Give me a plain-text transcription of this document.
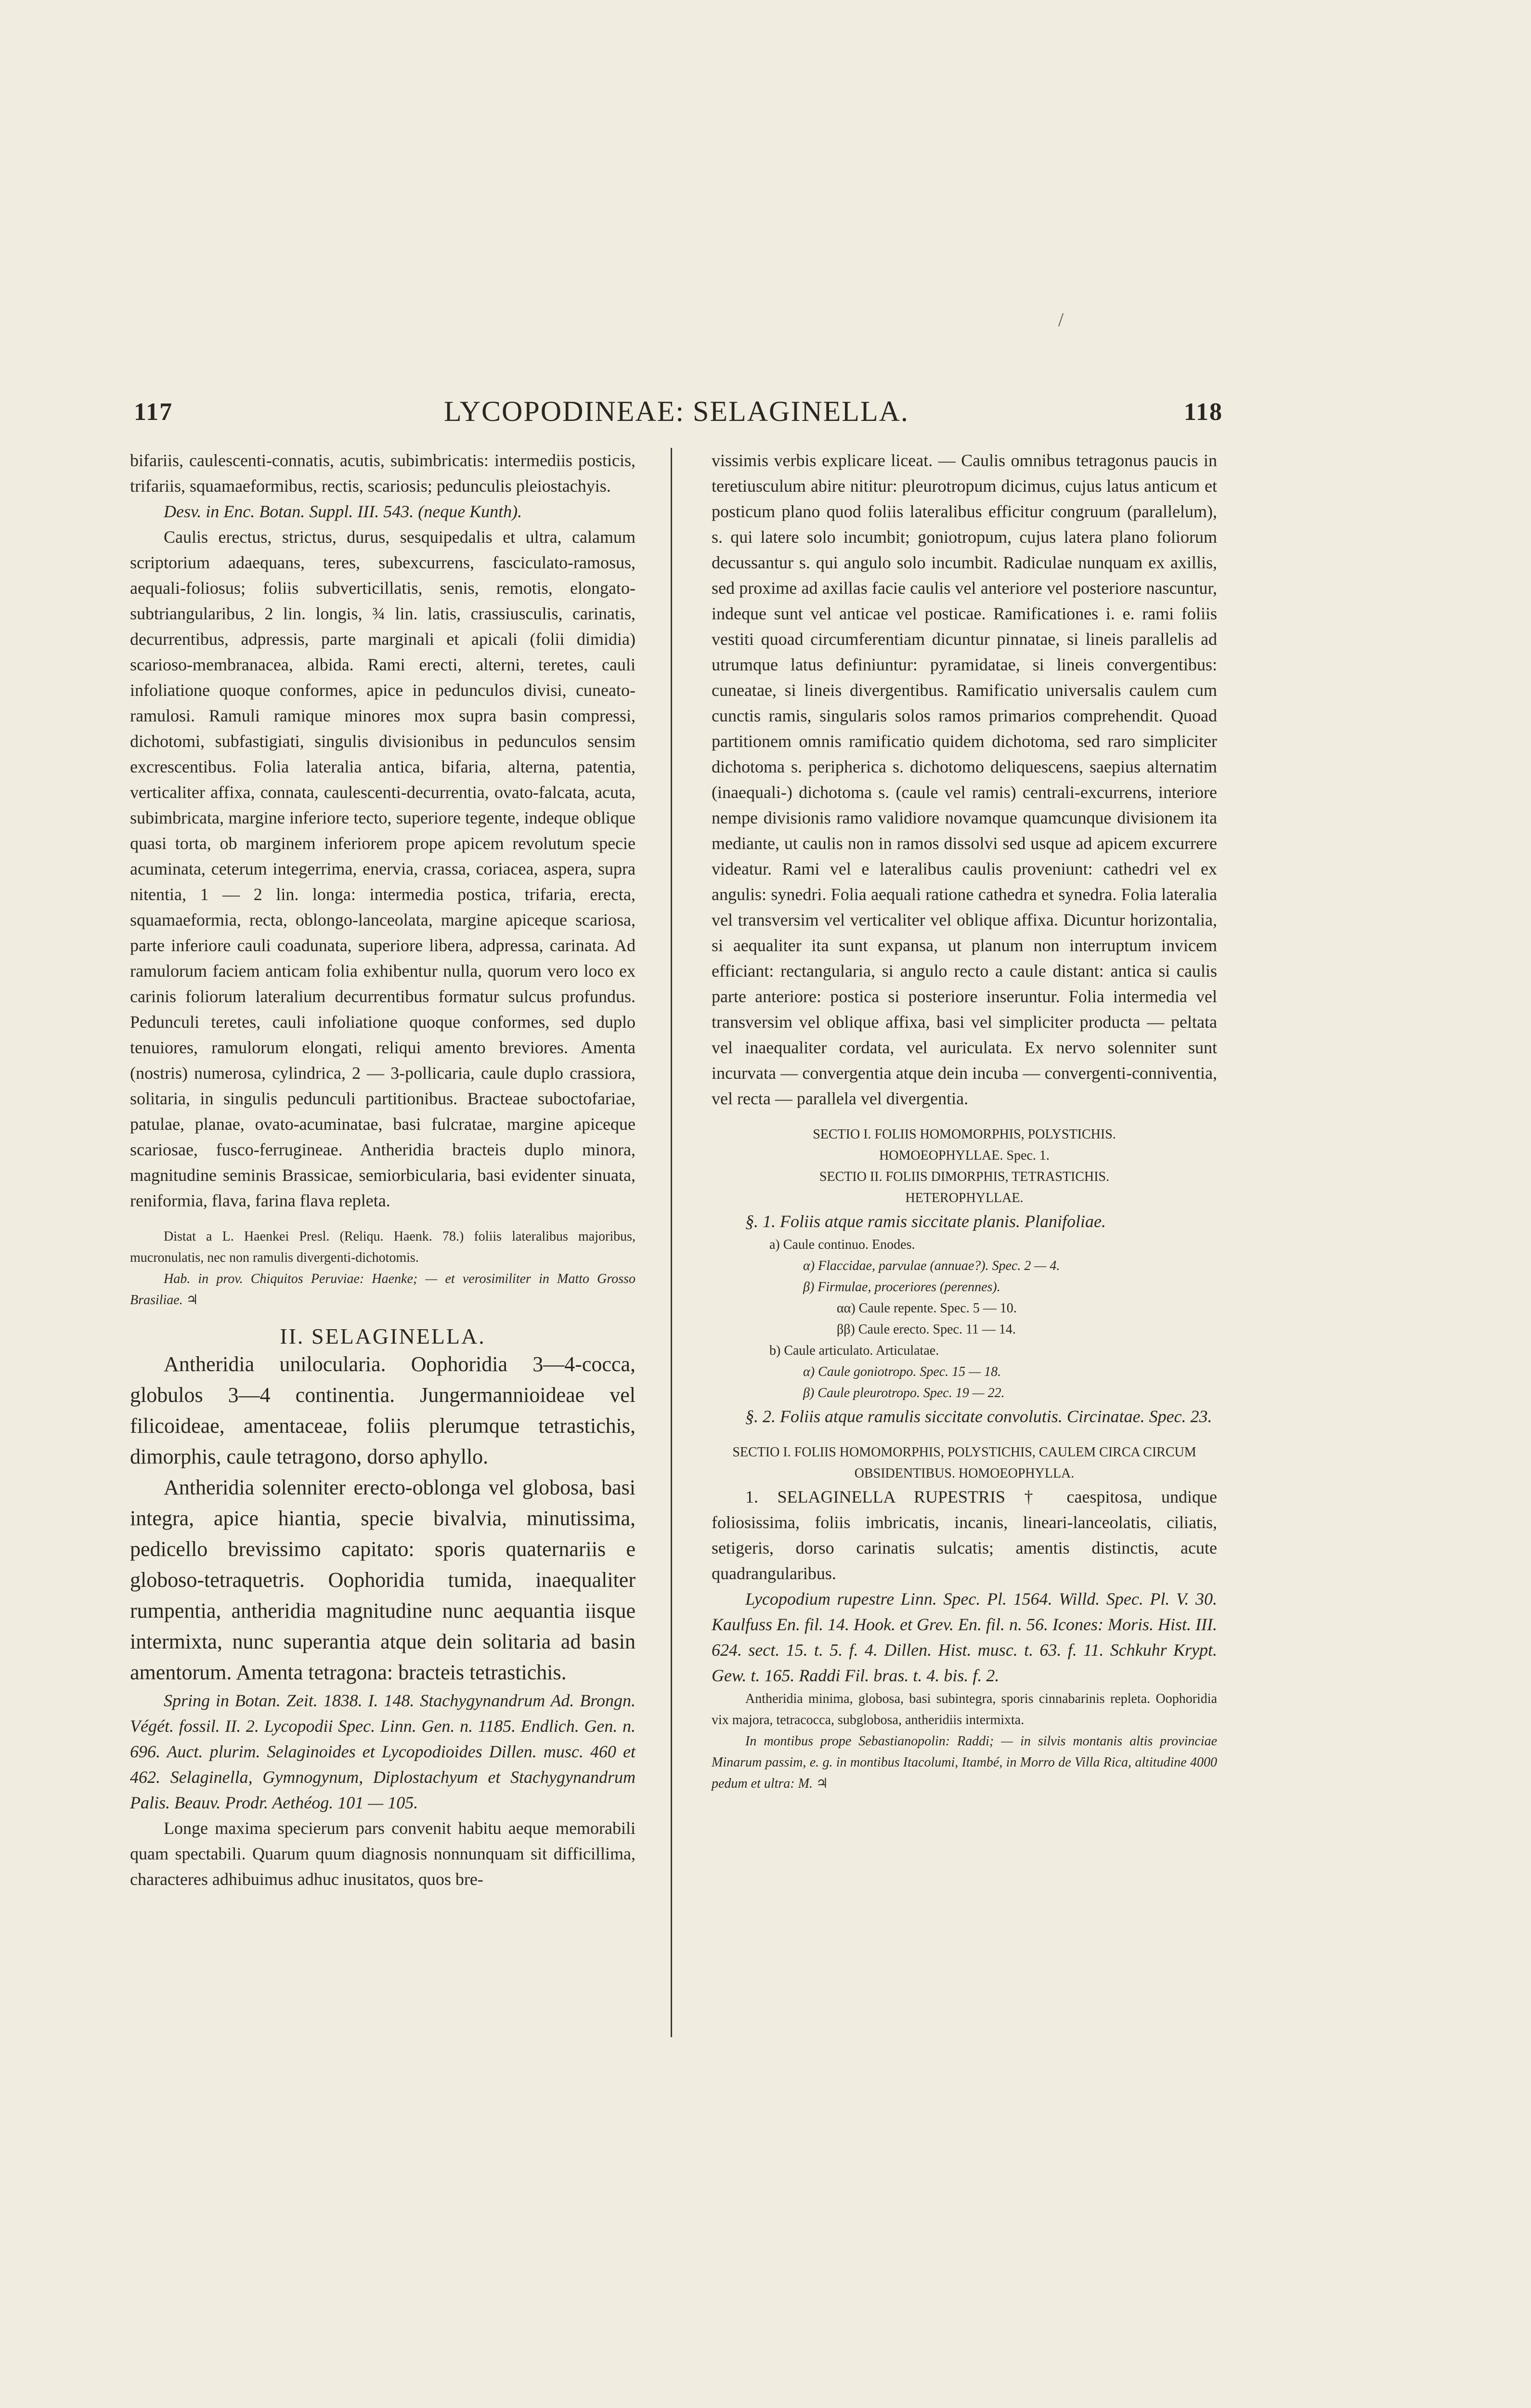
/
117	LYCOPODINEAE: SELAGINELLA.	118

bifariis, caulescenti-connatis, acutis, subimbricatis: intermediis posticis, trifariis, squamaeformibus, rectis, scariosis; pedunculis pleiostachyis.

Desv. in Enc. Botan. Suppl. III. 543. (neque Kunth).

Caulis erectus, strictus, durus, sesquipedalis et ultra, calamum scriptorium adaequans, teres, subexcurrens, fasciculato-ramosus, aequali-foliosus; foliis subverticillatis, senis, remotis, elongato-subtriangularibus, 2 lin. longis, ¾ lin. latis, crassiusculis, carinatis, decurrentibus, adpressis, parte marginali et apicali (folii dimidia) scarioso-membranacea, albida. Rami erecti, alterni, teretes, cauli infoliatione quoque conformes, apice in pedunculos divisi, cuneato-ramulosi. Ramuli ramique minores mox supra basin compressi, dichotomi, subfastigiati, singulis divisionibus in pedunculos sensim excrescentibus. Folia lateralia antica, bifaria, alterna, patentia, verticaliter affixa, connata, caulescenti-decurrentia, ovato-falcata, acuta, subimbricata, margine inferiore tecto, superiore tegente, indeque oblique quasi torta, ob marginem inferiorem prope apicem revolutum specie acuminata, ceterum integerrima, enervia, crassa, coriacea, aspera, supra nitentia, 1 — 2 lin. longa: intermedia postica, trifaria, erecta, squamaeformia, recta, oblongo-lanceolata, margine apiceque scariosa, parte inferiore cauli coadunata, superiore libera, adpressa, carinata. Ad ramulorum faciem anticam folia exhibentur nulla, quorum vero loco ex carinis foliorum lateralium decurrentibus formatur sulcus profundus. Pedunculi teretes, cauli infoliatione quoque conformes, sed duplo tenuiores, ramulorum elongati, reliqui amento breviores. Amenta (nostris) numerosa, cylindrica, 2 — 3-pollicaria, caule duplo crassiora, solitaria, in singulis pedunculi partitionibus. Bracteae suboctofariae, patulae, planae, ovato-acuminatae, basi fulcratae, margine apiceque scariosae, fusco-ferrugineae. Antheridia bracteis duplo minora, magnitudine seminis Brassicae, semiorbicularia, basi evidenter sinuata, reniformia, flava, farina flava repleta.

Distat a L. Haenkei Presl. (Reliqu. Haenk. 78.) foliis lateralibus majoribus, mucronulatis, nec non ramulis divergenti-dichotomis.

Hab. in prov. Chiquitos Peruviae: Haenke; — et verosimiliter in Matto Grosso Brasiliae. ♃

II. SELAGINELLA.

Antheridia unilocularia. Oophoridia 3—4-cocca, globulos 3—4 continentia. Jungermannioideae vel filicoideae, amentaceae, foliis plerumque tetrastichis, dimorphis, caule tetragono, dorso aphyllo.

Antheridia solenniter erecto-oblonga vel globosa, basi integra, apice hiantia, specie bivalvia, minutissima, pedicello brevissimo capitato: sporis quaternariis e globoso-tetraquetris. Oophoridia tumida, inaequaliter rumpentia, antheridia magnitudine nunc aequantia iisque intermixta, nunc superantia atque dein solitaria ad basin amentorum. Amenta tetragona: bracteis tetrastichis.

Spring in Botan. Zeit. 1838. I. 148. Stachygynandrum Ad. Brongn. Végét. fossil. II. 2. Lycopodii Spec. Linn. Gen. n. 1185. Endlich. Gen. n. 696. Auct. plurim. Selaginoides et Lycopodioides Dillen. musc. 460 et 462. Selaginella, Gymnogynum, Diplostachyum et Stachygynandrum Palis. Beauv. Prodr. Aethéog. 101 — 105.

Longe maxima specierum pars convenit habitu aeque memorabili quam spectabili. Quarum quum diagnosis nonnunquam sit difficillima, characteres adhibuimus adhuc inusitatos, quos bre-

vissimis verbis explicare liceat. — Caulis omnibus tetragonus paucis in teretiusculum abire nititur: pleurotropum dicimus, cujus latus anticum et posticum plano quod foliis lateralibus efficitur congruum (parallelum), s. qui latere solo incumbit; goniotropum, cujus latera plano foliorum decussantur s. qui angulo solo incumbit. Radiculae nunquam ex axillis, sed proxime ad axillas facie caulis vel anteriore vel posteriore nascuntur, indeque sunt vel anticae vel posticae. Ramificationes i. e. rami foliis vestiti quoad circumferentiam dicuntur pinnatae, si lineis parallelis ad utrumque latus definiuntur: pyramidatae, si lineis convergentibus: cuneatae, si lineis divergentibus. Ramificatio universalis caulem cum cunctis ramis, singularis solos ramos primarios comprehendit. Quoad partitionem omnis ramificatio quidem dichotoma, sed raro simpliciter dichotoma s. peripherica s. dichotomo deliquescens, saepius alternatim (inaequali-) dichotoma s. (caule vel ramis) centrali-excurrens, interiore nempe divisionis ramo validiore novamque quamcunque divisionem ita mediante, ut caulis non in ramos dissolvi sed usque ad apicem excurrere videatur. Rami vel e lateralibus caulis proveniunt: cathedri vel ex angulis: synedri. Folia aequali ratione cathedra et synedra. Folia lateralia vel transversim vel verticaliter vel oblique affixa. Dicuntur horizontalia, si aequaliter ita sunt expansa, ut planum non interruptum invicem efficiant: rectangularia, si angulo recto a caule distant: antica si caulis parte anteriore: postica si posteriore inseruntur. Folia intermedia vel transversim vel oblique affixa, basi vel simpliciter producta — peltata vel inaequaliter cordata, vel auriculata. Ex nervo solenniter sunt incurvata — convergentia atque dein incuba — convergenti-conniventia, vel recta — parallela vel divergentia.

SECTIO I. FOLIIS HOMOMORPHIS, POLYSTICHIS.

HOMOEOPHYLLAE. Spec. 1.

SECTIO II. FOLIIS DIMORPHIS, TETRASTICHIS.

HETEROPHYLLAE.

§. 1. Foliis atque ramis siccitate planis. Planifoliae.

a) Caule continuo. Enodes.

α) Flaccidae, parvulae (annuae?). Spec. 2 — 4.

β) Firmulae, proceriores (perennes).

αα) Caule repente. Spec. 5 — 10.

ββ) Caule erecto. Spec. 11 — 14.

b) Caule articulato. Articulatae.

α) Caule goniotropo. Spec. 15 — 18.

β) Caule pleurotropo. Spec. 19 — 22.

§. 2. Foliis atque ramulis siccitate convolutis. Circinatae. Spec. 23.

SECTIO I. FOLIIS HOMOMORPHIS, POLYSTICHIS, CAULEM CIRCA CIRCUM OBSIDENTIBUS. HOMOEOPHYLLA.

1. SELAGINELLA RUPESTRIS † caespitosa, undique foliosissima, foliis imbricatis, incanis, lineari-lanceolatis, ciliatis, setigeris, dorso carinatis sulcatis; amentis distinctis, acute quadrangularibus.

Lycopodium rupestre Linn. Spec. Pl. 1564. Willd. Spec. Pl. V. 30. Kaulfuss En. fil. 14. Hook. et Grev. En. fil. n. 56. Icones: Moris. Hist. III. 624. sect. 15. t. 5. f. 4. Dillen. Hist. musc. t. 63. f. 11. Schkuhr Krypt. Gew. t. 165. Raddi Fil. bras. t. 4. bis. f. 2.

Antheridia minima, globosa, basi subintegra, sporis cinnabarinis repleta. Oophoridia vix majora, tetracocca, subglobosa, antheridiis intermixta.

In montibus prope Sebastianopolin: Raddi; — in silvis montanis altis provinciae Minarum passim, e. g. in montibus Itacolumi, Itambé, in Morro de Villa Rica, altitudine 4000 pedum et ultra: M. ♃
